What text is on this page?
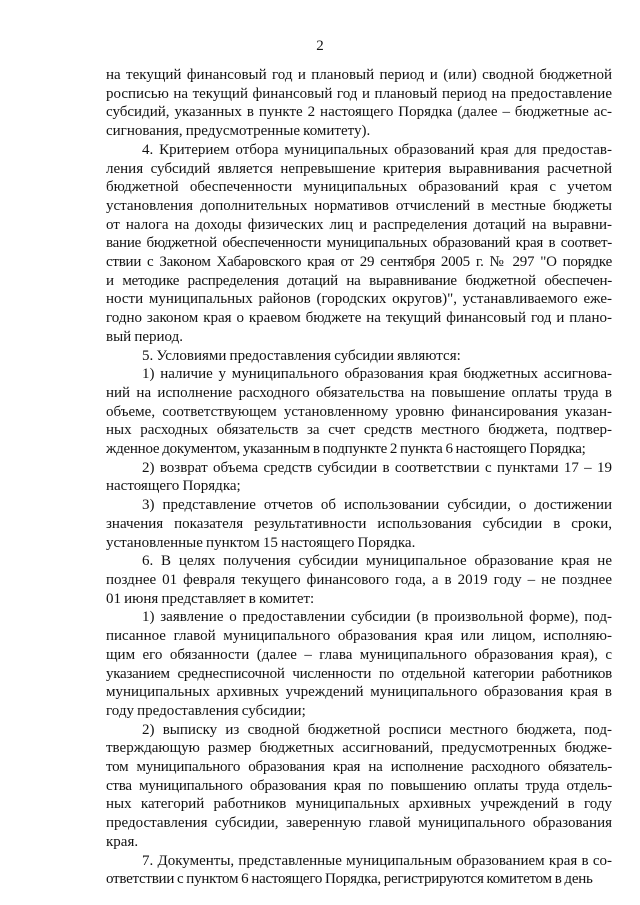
2

на текущий финансовый год и плановый период и (или) сводной бюджетной
росписью на текущий финансовый год и плановый период на предоставление
субсидий, указанных в пункте 2 настоящего Порядка (далее – бюджетные ас-
сигнования, предусмотренные комитету).

4. Критерием отбора муниципальных образований края для предостав-
ления субсидий является непревышение критерия выравнивания расчетной
бюджетной обеспеченности муниципальных образований края с учетом
установления дополнительных нормативов отчислений в местные бюджеты
от налога на доходы физических лиц и распределения дотаций на выравни-
вание бюджетной обеспеченности муниципальных образований края в соответ-
ствии с Законом Хабаровского края от 29 сентября 2005 г. № 297 "О порядке
и методике распределения дотаций на выравнивание бюджетной обеспечен-
ности муниципальных районов (городских округов)", устанавливаемого еже-
годно законом края о краевом бюджете на текущий финансовый год и плано-
вый период.

5. Условиями предоставления субсидии являются:

1) наличие у муниципального образования края бюджетных ассигнова-
ний на исполнение расходного обязательства на повышение оплаты труда в
объеме, соответствующем установленному уровню финансирования указан-
ных расходных обязательств за счет средств местного бюджета, подтвер-
жденное документом, указанным в подпункте 2 пункта 6 настоящего Порядка;

2) возврат объема средств субсидии в соответствии с пунктами 17 – 19
настоящего Порядка;

3) представление отчетов об использовании субсидии, о достижении
значения показателя результативности использования субсидии в сроки,
установленные пунктом 15 настоящего Порядка.

6. В целях получения субсидии муниципальное образование края не
позднее 01 февраля текущего финансового года, а в 2019 году – не позднее
01 июня представляет в комитет:

1) заявление о предоставлении субсидии (в произвольной форме), под-
писанное главой муниципального образования края или лицом, исполняю-
щим его обязанности (далее – глава муниципального образования края), с
указанием среднесписочной численности по отдельной категории работников
муниципальных архивных учреждений муниципального образования края в
году предоставления субсидии;

2) выписку из сводной бюджетной росписи местного бюджета, под-
тверждающую размер бюджетных ассигнований, предусмотренных бюдже-
том муниципального образования края на исполнение расходного обязатель-
ства муниципального образования края по повышению оплаты труда отдель-
ных категорий работников муниципальных архивных учреждений в году
предоставления субсидии, заверенную главой муниципального образования
края.

7. Документы, представленные муниципальным образованием края в со-
ответствии с пунктом 6 настоящего Порядка, регистрируются комитетом в день
